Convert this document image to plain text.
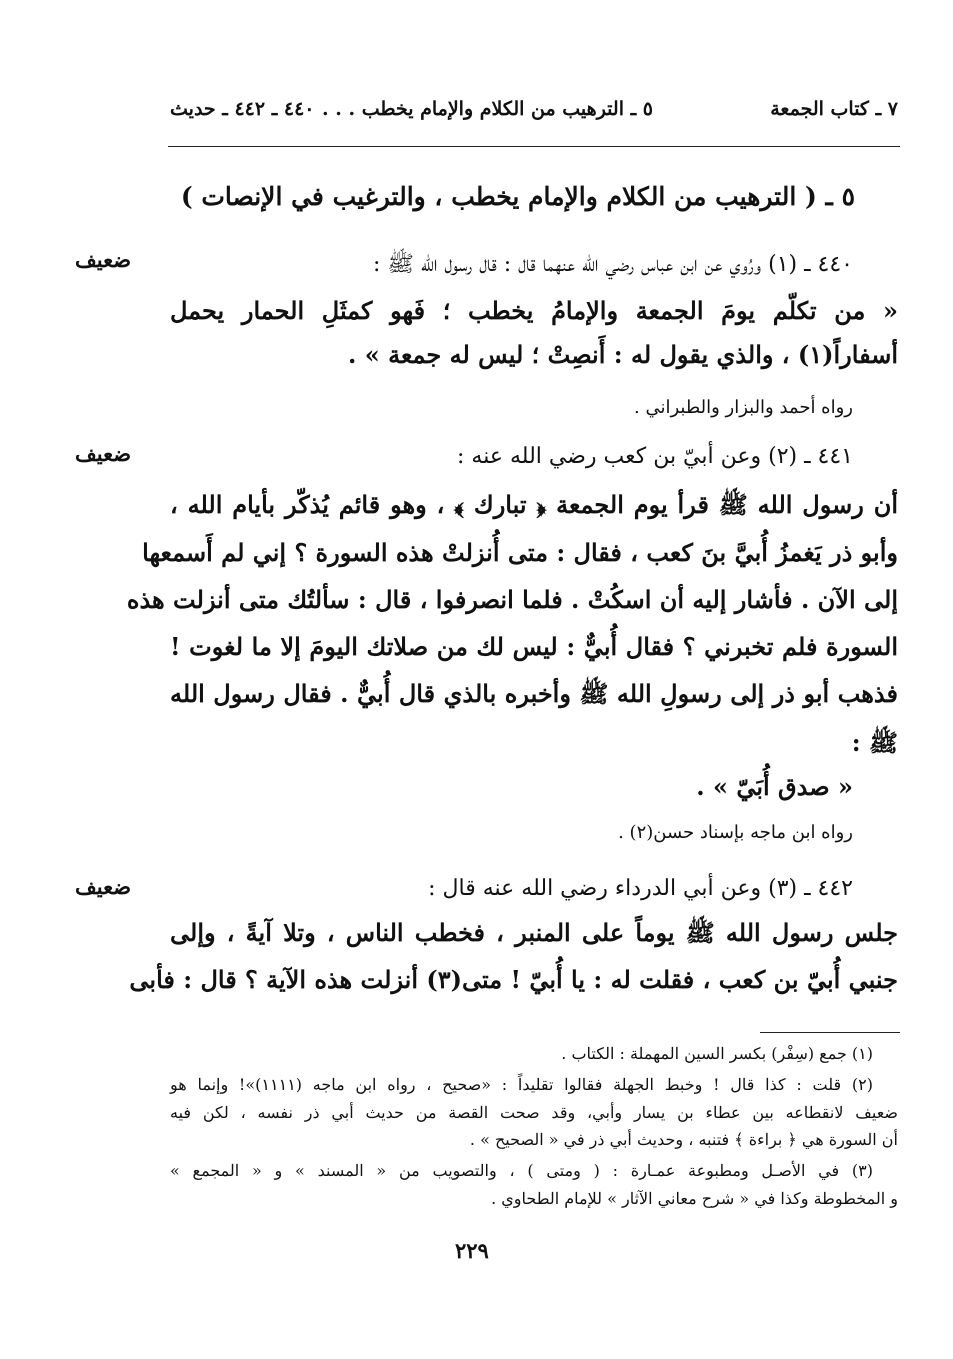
٧ ـ كتاب الجمعة
٥ ـ الترهيب من الكلام والإمام يخطب . . .
٤٤٠ ـ ٤٤٢ ـ حديث
٥ ـ ( الترهيب من الكلام والإمام يخطب ، والترغيب في الإنصات )
ضعيف	٤٤٠ ـ (١) ورُوي عن ابن عباس رضي الله عنهما قال : قال رسول الله ﷺ :
« من تكلّم يومَ الجمعة والإمامُ يخطب ؛ فَهو كمثَلِ الحمار يحمل
أسفاراً(١) ، والذي يقول له : أَنصِتْ ؛ ليس له جمعة » .
رواه أحمد والبزار والطبراني .
ضعيف	٤٤١ ـ (٢) وعن أبيّ بن كعب رضي الله عنه :
أن رسول الله ﷺ قرأ يوم الجمعة ﴿ تبارك ﴾ ، وهو قائم يُذكّر بأيام الله ،
وأبو ذر يَغمزُ أُبيَّ بنَ كعب ، فقال : متى أُنزلتْ هذه السورة ؟ إني لم أَسمعها
إلى الآن . فأشار إليه أن اسكُتْ . فلما انصرفوا ، قال : سألتُك متى أنزلت هذه
السورة فلم تخبرني ؟ فقال أُبيٌّ : ليس لك من صلاتك اليومَ إلا ما لغوت !
فذهب أبو ذر إلى رسولِ الله ﷺ وأخبره بالذي قال أُبيٌّ . فقال رسول الله
ﷺ :
« صدق أُبَيّ » .
رواه ابن ماجه بإسناد حسن(٢) .
ضعيف	٤٤٢ ـ (٣) وعن أبي الدرداء رضي الله عنه قال :
جلس رسول الله ﷺ يوماً على المنبر ، فخطب الناس ، وتلا آيةً ، وإلى
جنبي أُبيّ بن كعب ، فقلت له : يا أُبيّ ! متى(٣) أنزلت هذه الآية ؟ قال : فأبى
(١) جمع (سِفْر) بكسر السين المهملة : الكتاب .
(٢) قلت : كذا قال ! وخبط الجهلة فقالوا تقليداً : «صحيح ، رواه ابن ماجه (١١١١)»! وإنما هو
ضعيف لانقطاعه بين عطاء بن يسار وأبي، وقد صحت القصة من حديث أبي ذر نفسه ، لكن فيه
أن السورة هي ﴿ براءة ﴾ فتنبه ، وحديث أبي ذر في « الصحيح » .
(٣) في الأصـل ومطبوعة عمـارة : ( ومتى ) ، والتصويب من « المسند » و « المجمع »
و المخطوطة وكذا في « شرح معاني الآثار » للإمام الطحاوي .
٢٢٩
